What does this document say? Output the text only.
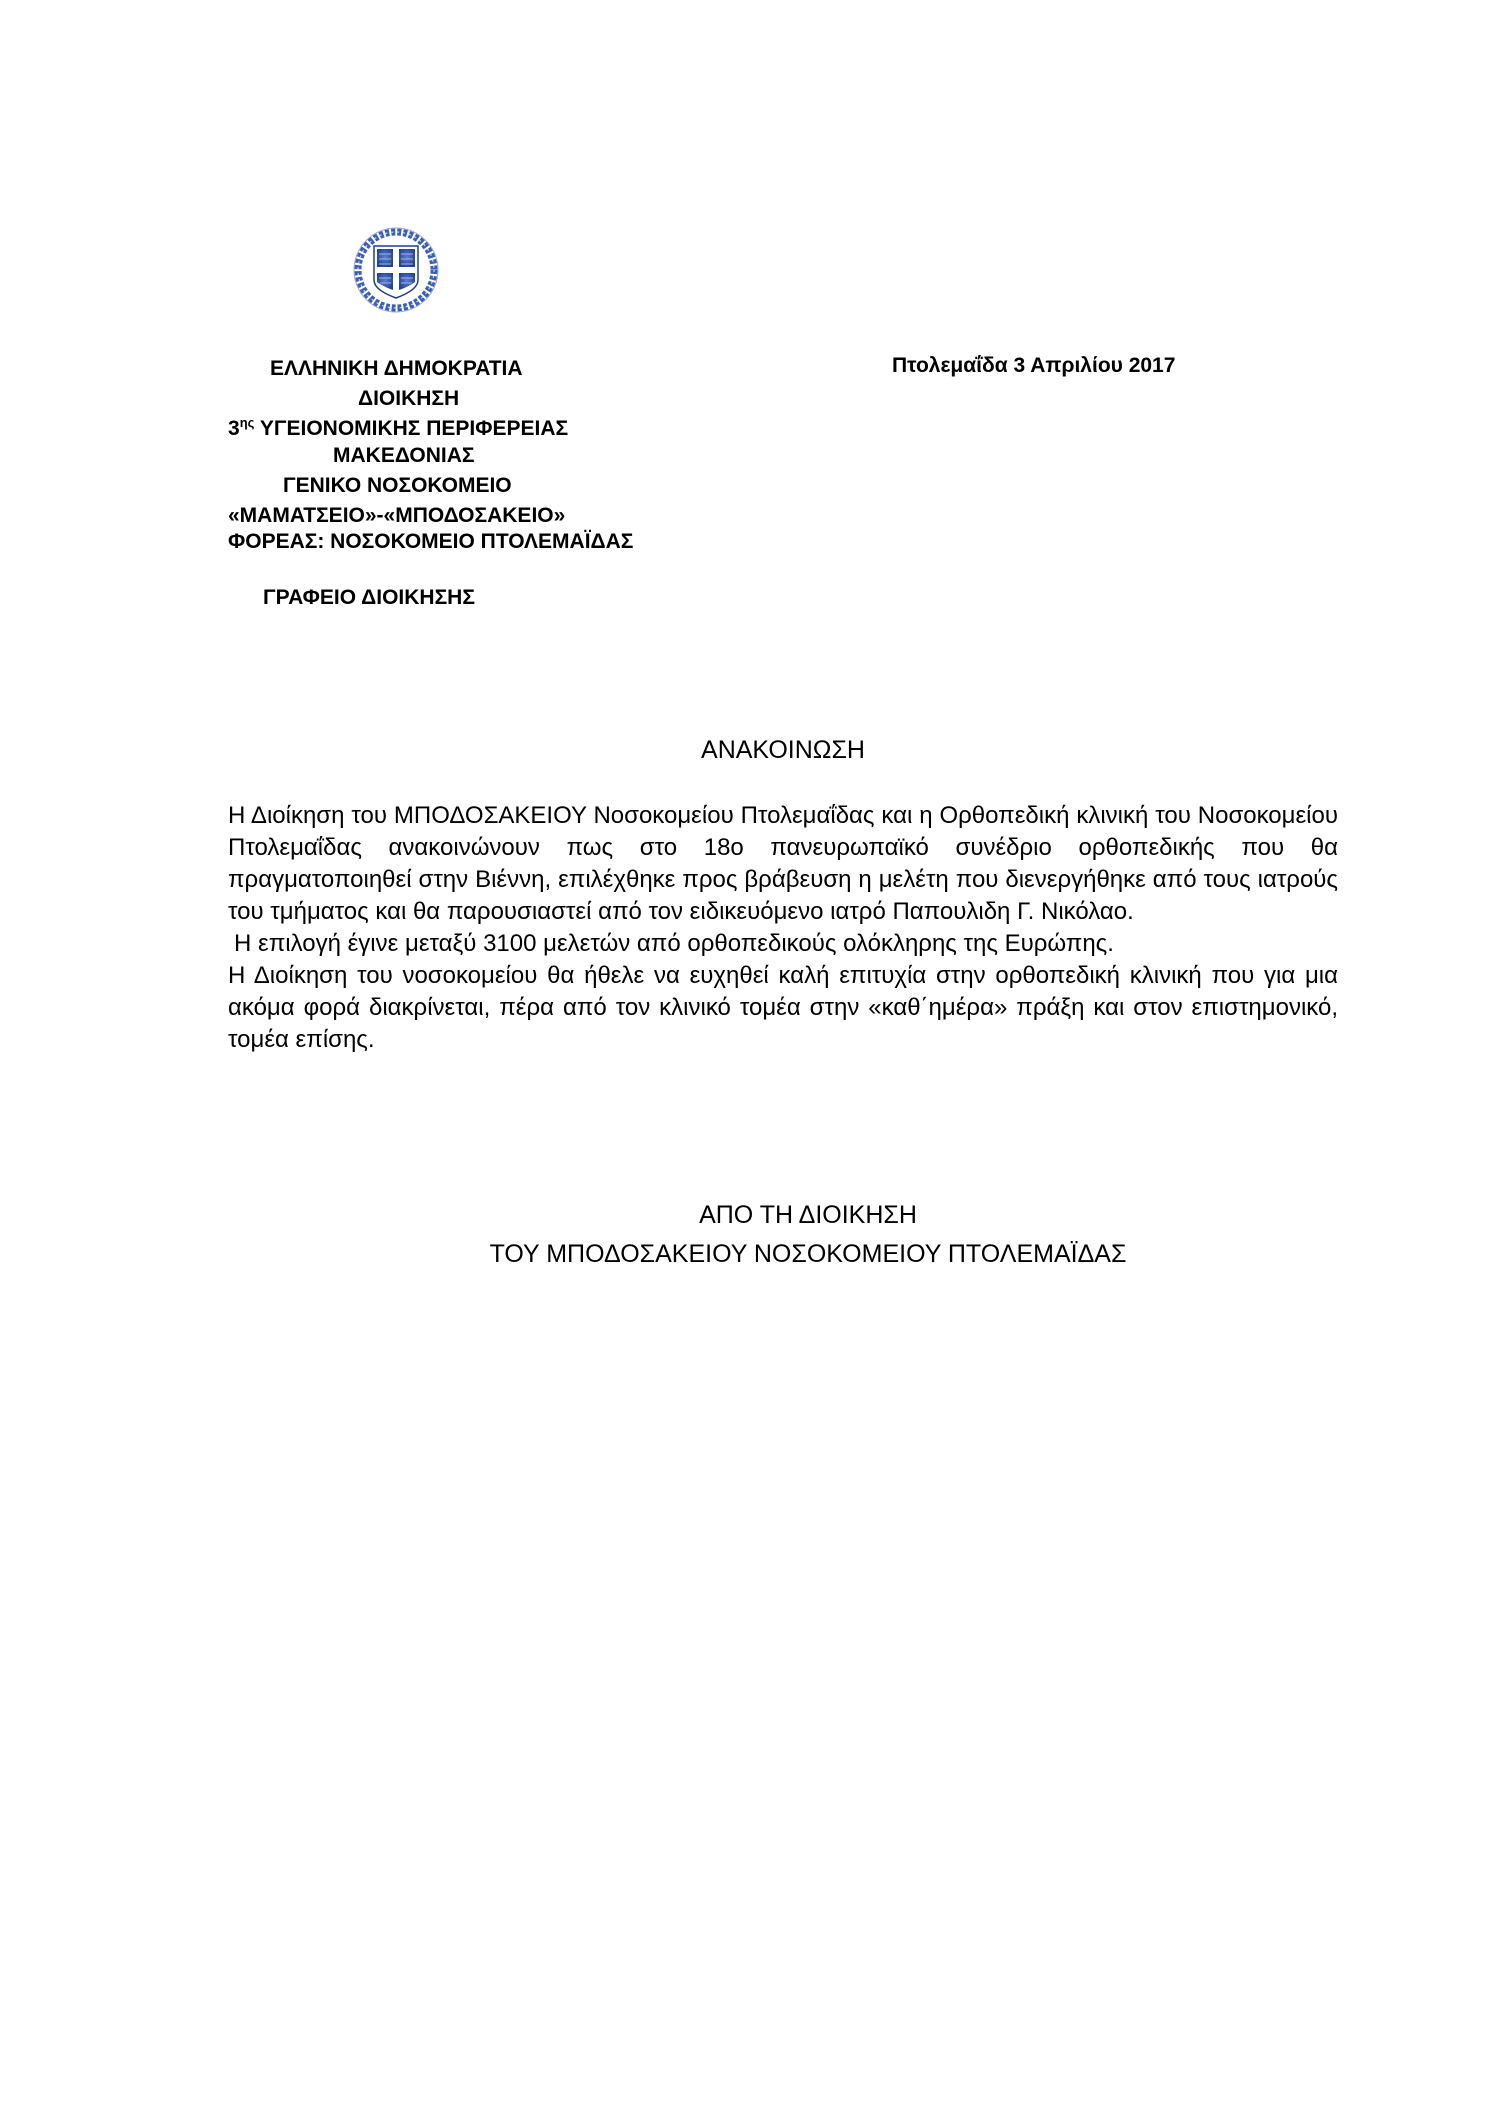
ΕΛΛΗΝΙΚΗ ΔΗΜΟΚΡΑΤΙΑ
ΔΙΟΙΚΗΣΗ
$3^{\eta\varsigma}$ ΥΓΕΙΟΝΟΜΙΚΗΣ ΠΕΡΙΦΕΡΕΙΑΣ
ΜΑΚΕΔΟΝΙΑΣ
ΓΕΝΙΚΟ ΝΟΣΟΚΟΜΕΙΟ
«ΜΑΜΑΤΣΕΙΟ»-«ΜΠΟΔΟΣΑΚΕΙΟ»
ΦΟΡΕΑΣ: ΝΟΣΟΚΟΜΕΙΟ ΠΤΟΛΕΜΑΪΔΑΣ
Πτολεμαΐδα 3 Απριλίου 2017
ΓΡΑΦΕΙΟ ΔΙΟΙΚΗΣΗΣ
ΑΝΑΚΟΙΝΩΣΗ

Η Διοίκηση του ΜΠΟΔΟΣΑΚΕΙΟΥ Νοσοκομείου Πτολεμαΐδας και η Ορθοπεδική κλινική του Νοσοκομείου Πτολεμαΐδας ανακοινώνουν πως στο 18ο πανευρωπαϊκό συνέδριο ορθοπεδικής που θα πραγματοποιηθεί στην Βιέννη, επιλέχθηκε προς βράβευση η μελέτη που διενεργήθηκε από τους ιατρούς του τμήματος και θα παρουσιαστεί από τον ειδικευόμενο ιατρό Παπουλιδη Γ. Νικόλαο.

Η επιλογή έγινε μεταξύ 3100 μελετών από ορθοπεδικούς ολόκληρης της Ευρώπης.

Η Διοίκηση του νοσοκομείου θα ήθελε να ευχηθεί καλή επιτυχία στην ορθοπεδική κλινική που για μια ακόμα φορά διακρίνεται, πέρα από τον κλινικό τομέα στην «καθ΄ημέρα» πράξη και στον επιστημονικό, τομέα επίσης.

ΑΠΟ ΤΗ ΔΙΟΙΚΗΣΗ
ΤΟΥ ΜΠΟΔΟΣΑΚΕΙΟΥ ΝΟΣΟΚΟΜΕΙΟΥ ΠΤΟΛΕΜΑΪΔΑΣ
